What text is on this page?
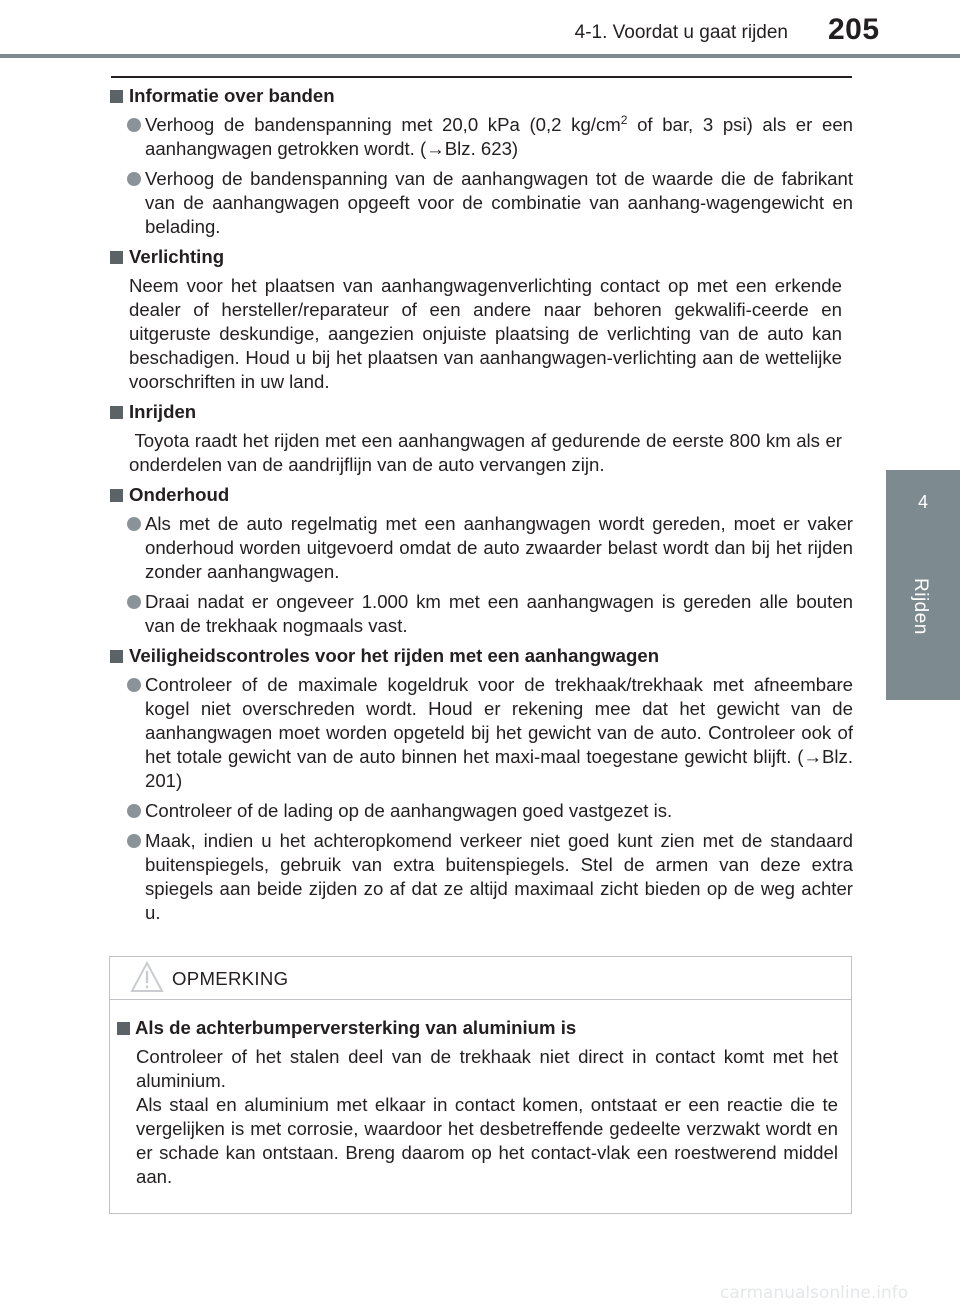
4-1. Voordat u gaat rijden 205
4
Rijden
Informatie over banden
Verhoog de bandenspanning met 20,0 kPa (0,2 $kg/cm^2$ of bar, 3 psi) als er een aanhangwagen getrokken wordt. (→Blz. 623)
Verhoog de bandenspanning van de aanhangwagen tot de waarde die de fabrikant van de aanhangwagen opgeeft voor de combinatie van aanhang-wagengewicht en belading.
Verlichting
Neem voor het plaatsen van aanhangwagenverlichting contact op met een erkende dealer of hersteller/reparateur of een andere naar behoren gekwalifi-ceerde en uitgeruste deskundige, aangezien onjuiste plaatsing de verlichting van de auto kan beschadigen. Houd u bij het plaatsen van aanhangwagen-verlichting aan de wettelijke voorschriften in uw land.
Inrijden
Toyota raadt het rijden met een aanhangwagen af gedurende de eerste 800 km als er onderdelen van de aandrijflijn van de auto vervangen zijn.
Onderhoud
Als met de auto regelmatig met een aanhangwagen wordt gereden, moet er vaker onderhoud worden uitgevoerd omdat de auto zwaarder belast wordt dan bij het rijden zonder aanhangwagen.
Draai nadat er ongeveer 1.000 km met een aanhangwagen is gereden alle bouten van de trekhaak nogmaals vast.
Veiligheidscontroles voor het rijden met een aanhangwagen
Controleer of de maximale kogeldruk voor de trekhaak/trekhaak met afneembare kogel niet overschreden wordt. Houd er rekening mee dat het gewicht van de aanhangwagen moet worden opgeteld bij het gewicht van de auto. Controleer ook of het totale gewicht van de auto binnen het maxi-maal toegestane gewicht blijft. (→Blz. 201)
Controleer of de lading op de aanhangwagen goed vastgezet is.
Maak, indien u het achteropkomend verkeer niet goed kunt zien met de standaard buitenspiegels, gebruik van extra buitenspiegels. Stel de armen van deze extra spiegels aan beide zijden zo af dat ze altijd maximaal zicht bieden op de weg achter u.
OPMERKING
Als de achterbumperversterking van aluminium is
Controleer of het stalen deel van de trekhaak niet direct in contact komt met het aluminium.
Als staal en aluminium met elkaar in contact komen, ontstaat er een reactie die te vergelijken is met corrosie, waardoor het desbetreffende gedeelte verzwakt wordt en er schade kan ontstaan. Breng daarom op het contact-vlak een roestwerend middel aan.
carmanualsonline.info
